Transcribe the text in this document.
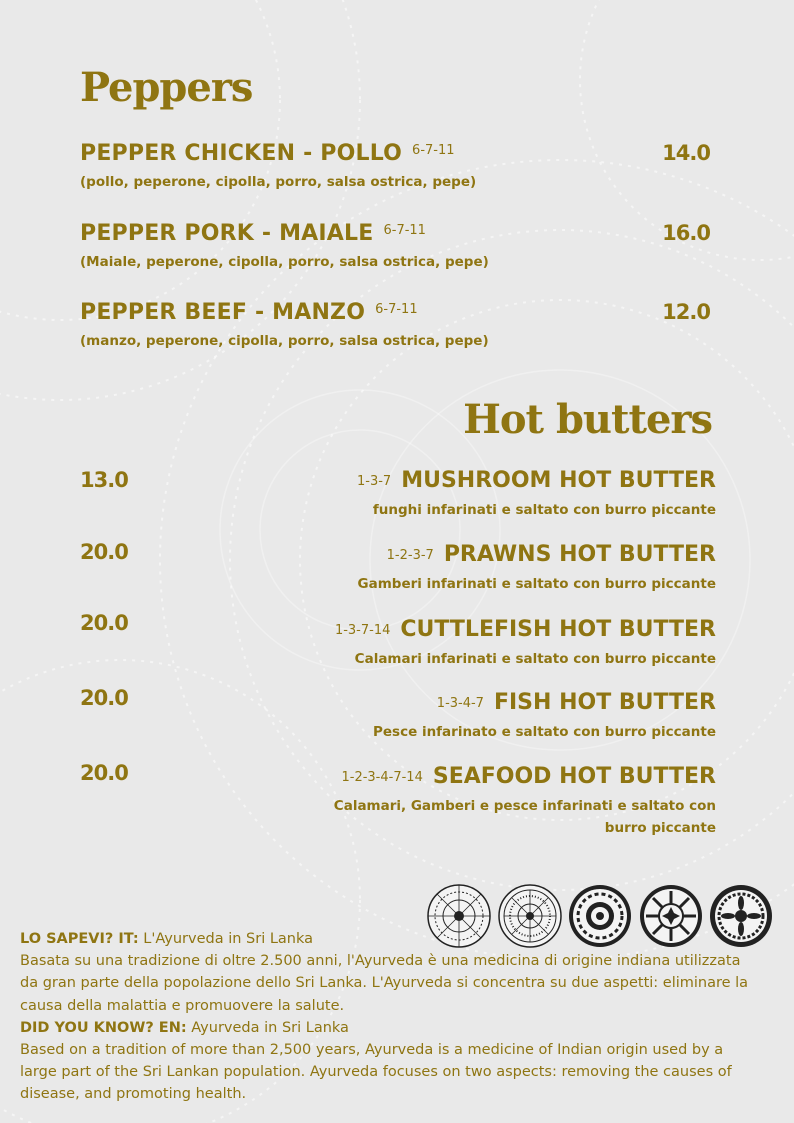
Peppers
PEPPER CHICKEN - POLLO $^{6-7-11}$	14.0
(pollo, peperone, cipolla, porro, salsa ostrica, pepe)
PEPPER PORK - MAIALE $^{6-7-11}$	16.0
(Maiale, peperone, cipolla, porro, salsa ostrica, pepe)
PEPPER BEEF - MANZO $^{6-7-11}$	12.0
(manzo, peperone, cipolla, porro, salsa ostrica, pepe)
Hot butters
13.0	1-3-7 MUSHROOM HOT BUTTER
funghi infarinati e saltato con burro piccante
20.0	1-2-3-7 PRAWNS HOT BUTTER
Gamberi infarinati e saltato con burro piccante
20.0	1-3-7-14 CUTTLEFISH HOT BUTTER
Calamari infarinati e saltato con burro piccante
20.0	1-3-4-7 FISH HOT BUTTER
Pesce infarinato e saltato con burro piccante
20.0	1-2-3-4-7-14 SEAFOOD HOT BUTTER
Calamari, Gamberi e pesce infarinati e saltato con burro piccante

LO SAPEVI? IT: L'Ayurveda in Sri Lanka

Basata su una tradizione di oltre 2.500 anni, l'Ayurveda è una medicina di origine indiana utilizzata da gran parte della popolazione dello Sri Lanka. L'Ayurveda si concentra su due aspetti: eliminare la causa della malattia e promuovere la salute.

DID YOU KNOW? EN: Ayurveda in Sri Lanka

Based on a tradition of more than 2,500 years, Ayurveda is a medicine of Indian origin used by a large part of the Sri Lankan population. Ayurveda focuses on two aspects: removing the causes of disease, and promoting health.
